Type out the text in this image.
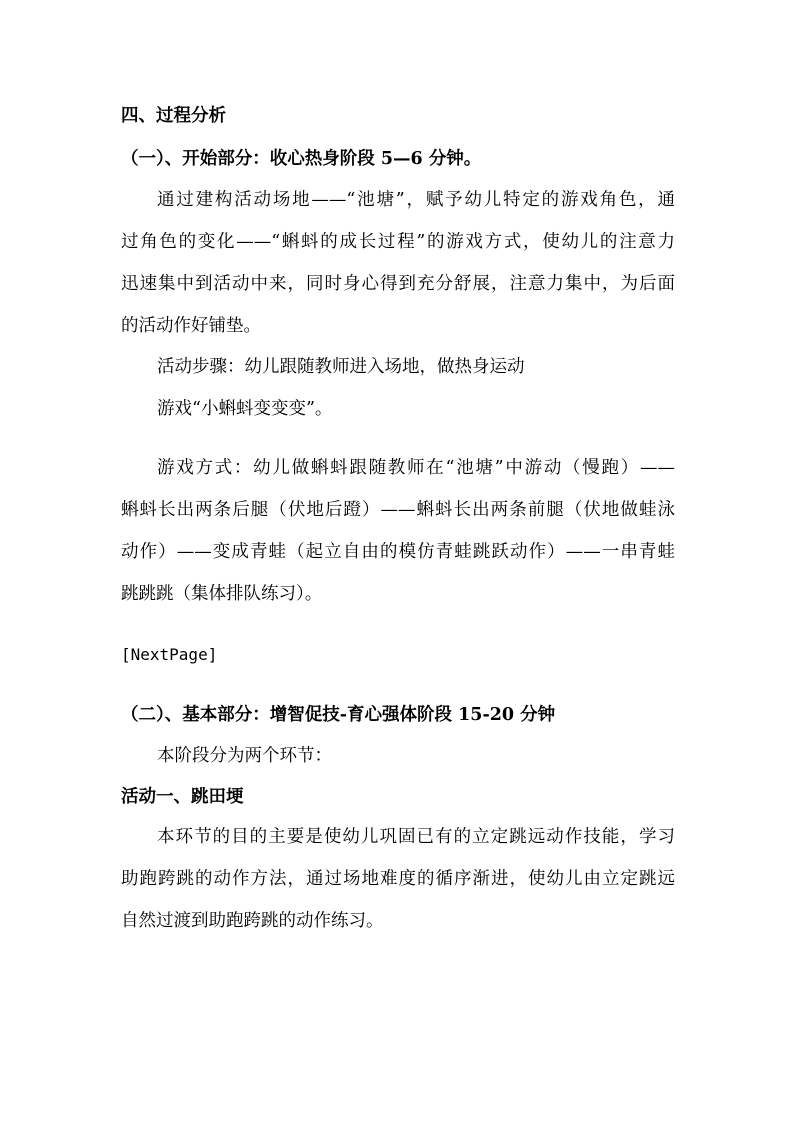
四、过程分析
（一）、开始部分：收心热身阶段 5—6 分钟。

通过建构活动场地——“池塘”，赋予幼儿特定的游戏角色，通

过角色的变化——“蝌蚪的成长过程”的游戏方式，使幼儿的注意力

迅速集中到活动中来，同时身心得到充分舒展，注意力集中，为后面

的活动作好铺垫。

活动步骤：幼儿跟随教师进入场地，做热身运动

游戏“小蝌蚪变变变”。

游戏方式：幼儿做蝌蚪跟随教师在“池塘”中游动（慢跑）——

蝌蚪长出两条后腿（伏地后蹬）——蝌蚪长出两条前腿（伏地做蛙泳

动作）——变成青蛙（起立自由的模仿青蛙跳跃动作）——一串青蛙

跳跳跳（集体排队练习）。

[NextPage]

（二）、基本部分：增智促技-育心强体阶段 15-20 分钟

本阶段分为两个环节：

活动一、跳田埂

本环节的目的主要是使幼儿巩固已有的立定跳远动作技能，学习

助跑跨跳的动作方法，通过场地难度的循序渐进，使幼儿由立定跳远

自然过渡到助跑跨跳的动作练习。
